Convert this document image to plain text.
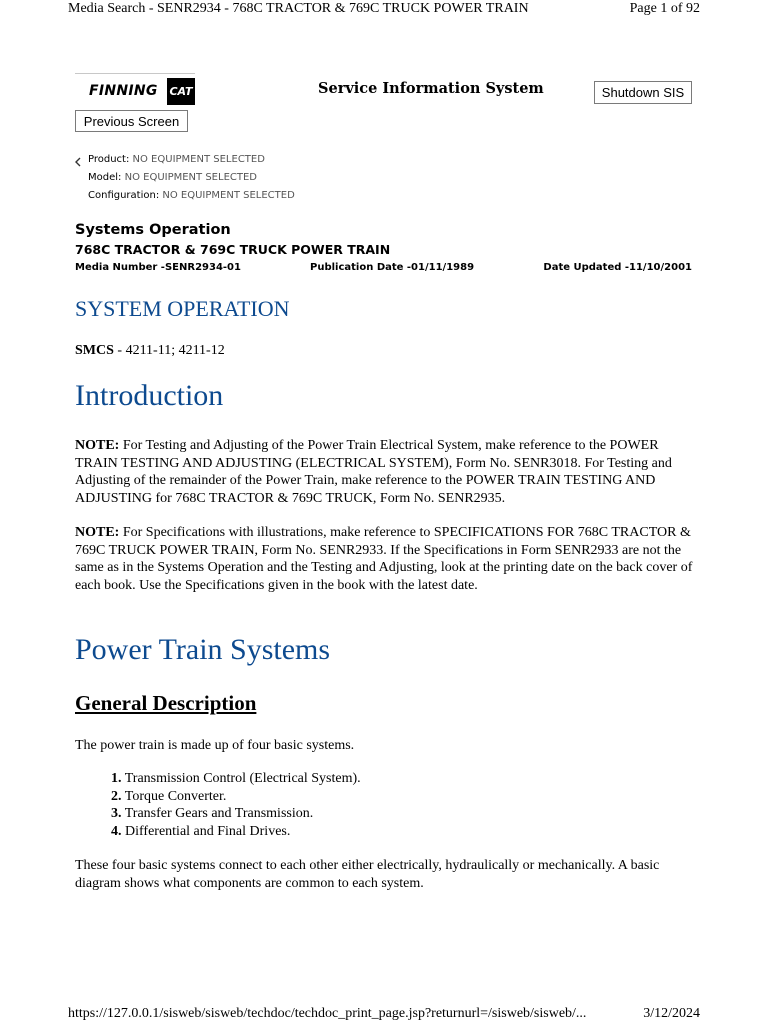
Media Search - SENR2934 - 768C TRACTOR & 769C TRUCK POWER TRAIN	Page 1 of 92
FINNING CAT	Service Information System	Shutdown SIS
Previous Screen
Product: NO EQUIPMENT SELECTED
Model: NO EQUIPMENT SELECTED
Configuration: NO EQUIPMENT SELECTED
Systems Operation
768C TRACTOR & 769C TRUCK POWER TRAIN
Media Number -SENR2934-01	Publication Date -01/11/1989	Date Updated -11/10/2001
SYSTEM OPERATION
SMCS - 4211-11; 4211-12
Introduction
NOTE: For Testing and Adjusting of the Power Train Electrical System, make reference to the POWER TRAIN TESTING AND ADJUSTING (ELECTRICAL SYSTEM), Form No. SENR3018. For Testing and Adjusting of the remainder of the Power Train, make reference to the POWER TRAIN TESTING AND ADJUSTING for 768C TRACTOR & 769C TRUCK, Form No. SENR2935.
NOTE: For Specifications with illustrations, make reference to SPECIFICATIONS FOR 768C TRACTOR & 769C TRUCK POWER TRAIN, Form No. SENR2933. If the Specifications in Form SENR2933 are not the same as in the Systems Operation and the Testing and Adjusting, look at the printing date on the back cover of each book. Use the Specifications given in the book with the latest date.
Power Train Systems
General Description
The power train is made up of four basic systems.
1. Transmission Control (Electrical System).
2. Torque Converter.
3. Transfer Gears and Transmission.
4. Differential and Final Drives.
These four basic systems connect to each other either electrically, hydraulically or mechanically. A basic diagram shows what components are common to each system.
https://127.0.0.1/sisweb/sisweb/techdoc/techdoc_print_page.jsp?returnurl=/sisweb/sisweb/...	3/12/2024
